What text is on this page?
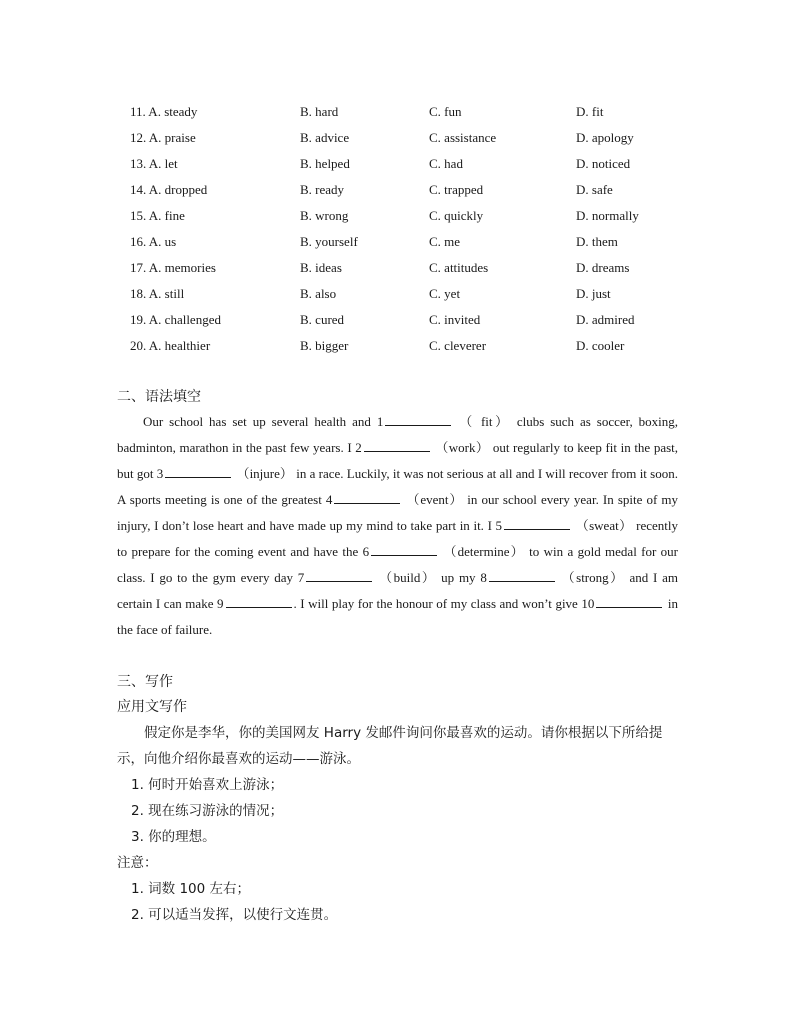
11. A. steady	B. hard	C. fun	D. fit
12. A. praise	B. advice	C. assistance	D. apology
13. A. let	B. helped	C. had	D. noticed
14. A. dropped	B. ready	C. trapped	D. safe
15. A. fine	B. wrong	C. quickly	D. normally
16. A. us	B. yourself	C. me	D. them
17. A. memories	B. ideas	C. attitudes	D. dreams
18. A. still	B. also	C. yet	D. just
19. A. challenged	B. cured	C. invited	D. admired
20. A. healthier	B. bigger	C. cleverer	D. cooler
二、语法填空
Our school has set up several health and 1	（ fit） clubs such as soccer, boxing, badminton, marathon in the past few years. I 2	（work） out regularly to keep fit in the past, but got 3	（injure） in a race. Luckily, it was not serious at all and I will recover from it soon. A sports meeting is one of the greatest 4	（event） in our school every year. In spite of my injury, I don’t lose heart and have made up my mind to take part in it. I 5	（sweat） recently to prepare for the coming event and have the 6	（determine） to win a gold medal for our class. I go to the gym every day 7	（build） up my 8	（strong） and I am certain I can make 9	. I will play for the honour of my class and won’t give 10	in the face of failure.
三、写作
应用文写作
假定你是李华，你的美国网友 Harry 发邮件询问你最喜欢的运动。请你根据以下所给提示，向他介绍你最喜欢的运动——游泳。
1. 何时开始喜欢上游泳；
2. 现在练习游泳的情况；
3. 你的理想。
注意：
1. 词数 100 左右；
2. 可以适当发挥，以使行文连贯。
